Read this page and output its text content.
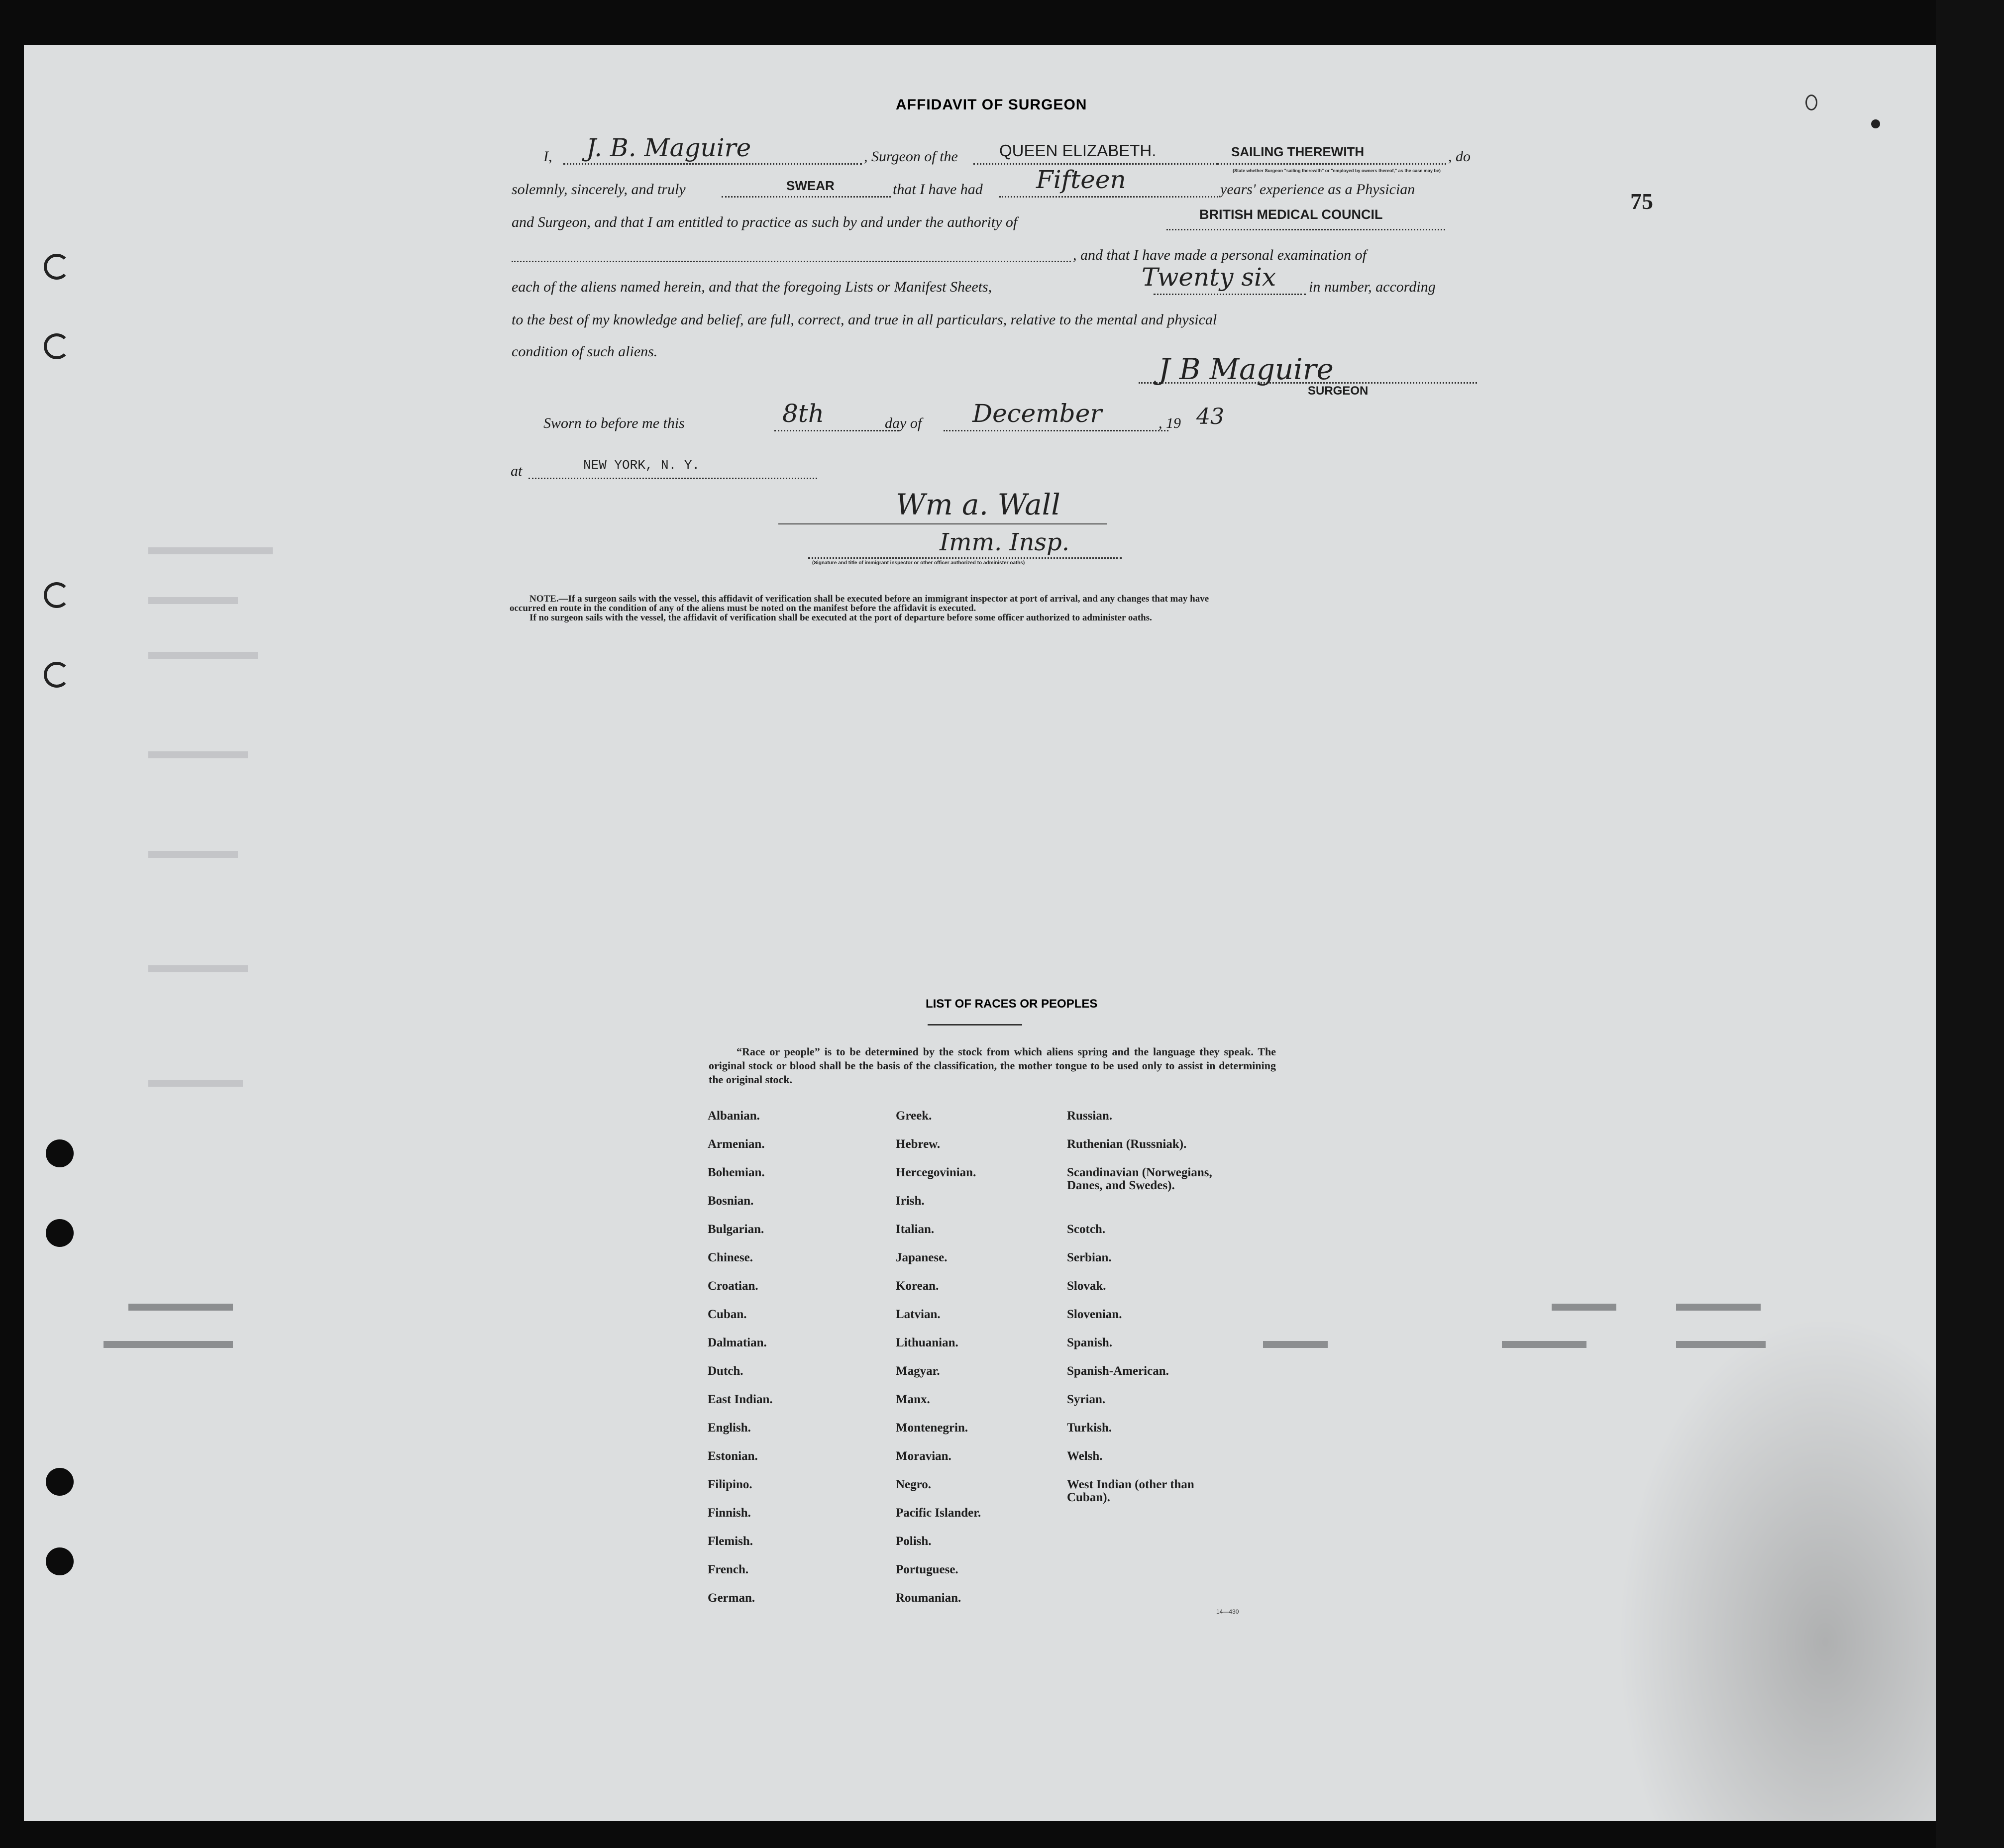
75
AFFIDAVIT OF SURGEON
I, J. B. Maguire	, Surgeon of the	QUEEN ELIZABETH.	SAILING THEREWITH
(State whether Surgeon "sailing therewith" or "employed by owners thereof," as the case may be)
, do
solemnly, sincerely, and truly	SWEAR	that I have had Fifteen	years' experience as a Physician
and Surgeon, and that I am entitled to practice as such by and under the authority of	BRITISH MEDICAL COUNCIL
, and that I have made a personal examination of
each of the aliens named herein, and that the foregoing Lists or Manifest Sheets,	Twenty six in number, according
to the best of my knowledge and belief, are full, correct, and true in all particulars, relative to the mental and physical
condition of such aliens.
J B Maguire
SURGEON
Sworn to before me this	8th	day of December	, 19 43
at	NEW YORK, N. Y.
Wm a. Wall
Imm. Insp.
(Signature and title of immigrant inspector or other officer authorized to administer oaths)
NOTE.—If a surgeon sails with the vessel, this affidavit of verification shall be executed before an immigrant inspector at port of arrival, and any changes that may have
occurred en route in the condition of any of the aliens must be noted on the manifest before the affidavit is executed.
If no surgeon sails with the vessel, the affidavit of verification shall be executed at the port of departure before some officer authorized to administer oaths.
LIST OF RACES OR PEOPLES
“Race or people” is to be determined by the stock from which aliens spring and the language they speak. The original stock or blood shall be the basis of the classification, the mother tongue to be used only to assist in determining the original stock.
Albanian.
Armenian.
Bohemian.
Bosnian.
Bulgarian.
Chinese.
Croatian.
Cuban.
Dalmatian.
Dutch.
East Indian.
English.
Estonian.
Filipino.
Finnish.
Flemish.
French.
German.
Greek.
Hebrew.
Hercegovinian.
Irish.
Italian.
Japanese.
Korean.
Latvian.
Lithuanian.
Magyar.
Manx.
Montenegrin.
Moravian.
Negro.
Pacific Islander.
Polish.
Portuguese.
Roumanian.
Russian.
Ruthenian (Russniak).
Scandinavian (Norwegians, Danes, and Swedes).
Scotch.
Serbian.
Slovak.
Slovenian.
Spanish.
Spanish-American.
Syrian.
Turkish.
Welsh.
West Indian (other than Cuban).
14—430
